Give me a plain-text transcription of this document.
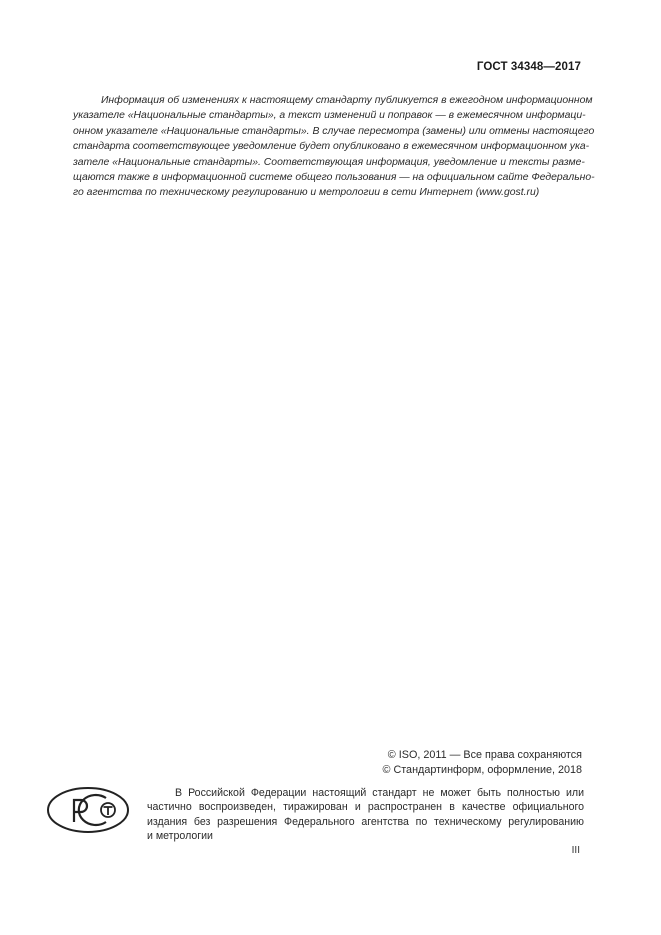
ГОСТ 34348—2017
Информация об изменениях к настоящему стандарту публикуется в ежегодном информационном
указателе «Национальные стандарты», а текст изменений и поправок — в ежемесячном информаци-
онном указателе «Национальные стандарты». В случае пересмотра (замены) или отмены настоящего
стандарта соответствующее уведомление будет опубликовано в ежемесячном информационном ука-
зателе «Национальные стандарты». Соответствующая информация, уведомление и тексты разме-
щаются также в информационной системе общего пользования — на официальном сайте Федерально-
го агентства по техническому регулированию и метрологии в сети Интернет (www.gost.ru)
© ISO, 2011 — Все права сохраняются
© Стандартинформ, оформление, 2018
В Российской Федерации настоящий стандарт не может быть полностью или
частично воспроизведен, тиражирован и распространен в качестве официального
издания без разрешения Федерального агентства по техническому регулированию
и метрологии
III
